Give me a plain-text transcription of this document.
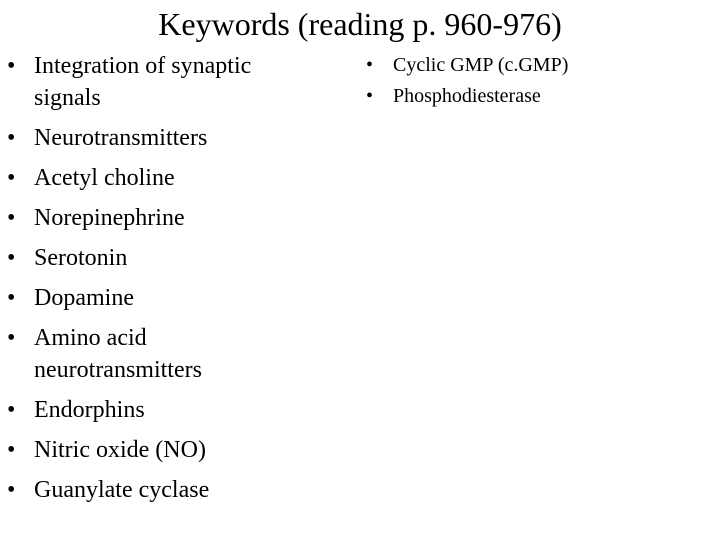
Keywords (reading p. 960-976)
• Integration of synaptic signals
• Neurotransmitters
• Acetyl choline
• Norepinephrine
• Serotonin
• Dopamine
• Amino acid neurotransmitters
• Endorphins
• Nitric oxide (NO)
• Guanylate cyclase
• Cyclic GMP (c.GMP)
• Phosphodiesterase
